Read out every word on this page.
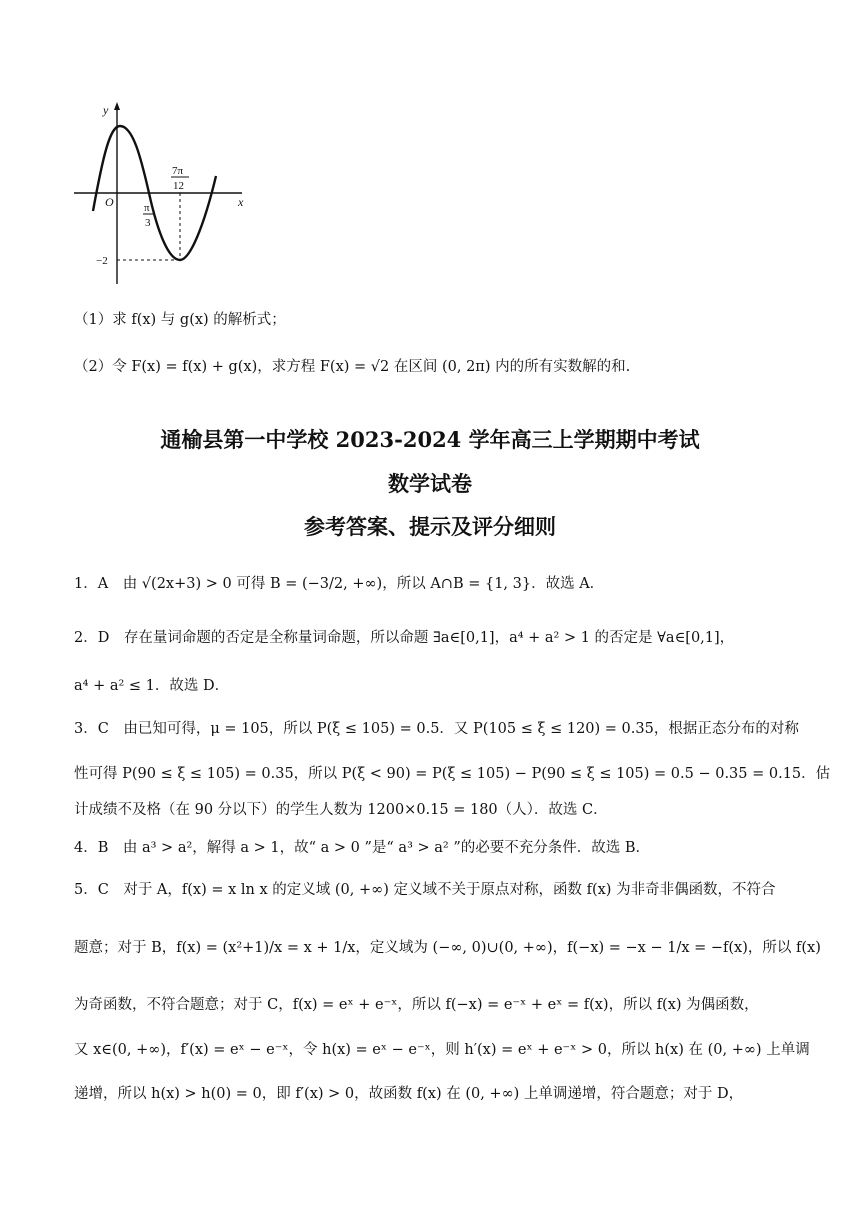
y
x
O	π
3
7π
12
−2
（1）求 f(x) 与 g(x) 的解析式；
（2）令 F(x) = f(x) + g(x)，求方程 F(x) = √2 在区间 (0, 2π) 内的所有实数解的和.
通榆县第一中学校 2023-2024 学年高三上学期期中考试
数学试卷
参考答案、提示及评分细则
1．A　由 √(2x+3) > 0 可得 B = (−3/2, +∞)，所以 A∩B = {1, 3}．故选 A．
2．D　存在量词命题的否定是全称量词命题，所以命题 ∃a∈[0,1]，a⁴ + a² > 1 的否定是 ∀a∈[0,1]，
a⁴ + a² ≤ 1．故选 D．
3．C　由已知可得，μ = 105，所以 P(ξ ≤ 105) = 0.5．又 P(105 ≤ ξ ≤ 120) = 0.35，根据正态分布的对称
性可得 P(90 ≤ ξ ≤ 105) = 0.35，所以 P(ξ < 90) = P(ξ ≤ 105) − P(90 ≤ ξ ≤ 105) = 0.5 − 0.35 = 0.15．估
计成绩不及格（在 90 分以下）的学生人数为 1200×0.15 = 180（人）．故选 C．
4．B　由 a³ > a²，解得 a > 1，故“ a > 0 ”是“ a³ > a² ”的必要不充分条件．故选 B．
5．C　对于 A，f(x) = x ln x 的定义域 (0, +∞) 定义域不关于原点对称，函数 f(x) 为非奇非偶函数，不符合
题意；对于 B，f(x) = (x²+1)/x = x + 1/x，定义域为 (−∞, 0)∪(0, +∞)，f(−x) = −x − 1/x = −f(x)，所以 f(x)
为奇函数，不符合题意；对于 C，f(x) = eˣ + e⁻ˣ，所以 f(−x) = e⁻ˣ + eˣ = f(x)，所以 f(x) 为偶函数，
又 x∈(0, +∞)，f′(x) = eˣ − e⁻ˣ，令 h(x) = eˣ − e⁻ˣ，则 h′(x) = eˣ + e⁻ˣ > 0，所以 h(x) 在 (0, +∞) 上单调
递增，所以 h(x) > h(0) = 0，即 f′(x) > 0，故函数 f(x) 在 (0, +∞) 上单调递增，符合题意；对于 D，
